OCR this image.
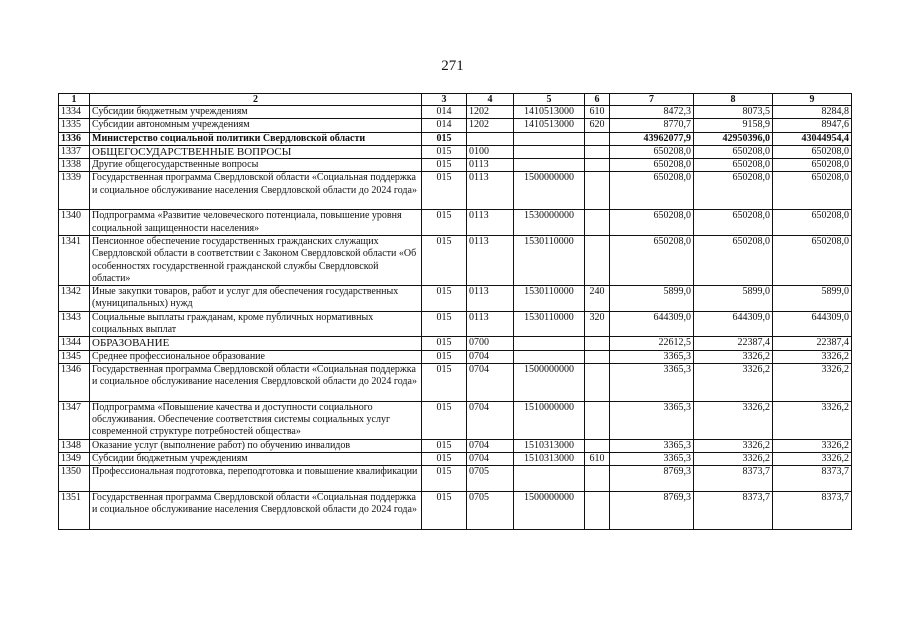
271
1	2	3	4	5	6	7	8	9
1334	Субсидии бюджетным учреждениям	014	1202	1410513000	610	8472,3	8073,5	8284,8
1335	Субсидии автономным учреждениям	014	1202	1410513000	620	8770,7	9158,9	8947,6
1336	Министерство социальной политики Свердловской области	015				43962077,9	42950396,0	43044954,4
1337	ОБЩЕГОСУДАРСТВЕННЫЕ ВОПРОСЫ	015	0100			650208,0	650208,0	650208,0
1338	Другие общегосударственные вопросы	015	0113			650208,0	650208,0	650208,0
1339	Государственная программа Свердловской области «Социальная поддержка и социальное обслуживание населения Свердловской области до 2024 года»	015	0113	1500000000		650208,0	650208,0	650208,0
1340	Подпрограмма «Развитие человеческого потенциала, повышение уровня социальной защищенности населения»	015	0113	1530000000		650208,0	650208,0	650208,0
1341	Пенсионное обеспечение государственных гражданских служащих Свердловской области в соответствии с Законом Свердловской области «Об особенностях государственной гражданской службы Свердловской области»	015	0113	1530110000		650208,0	650208,0	650208,0
1342	Иные закупки товаров, работ и услуг для обеспечения государственных (муниципальных) нужд	015	0113	1530110000	240	5899,0	5899,0	5899,0
1343	Социальные выплаты гражданам, кроме публичных нормативных социальных выплат	015	0113	1530110000	320	644309,0	644309,0	644309,0
1344	ОБРАЗОВАНИЕ	015	0700			22612,5	22387,4	22387,4
1345	Среднее профессиональное образование	015	0704			3365,3	3326,2	3326,2
1346	Государственная программа Свердловской области «Социальная поддержка и социальное обслуживание населения Свердловской области до 2024 года»	015	0704	1500000000		3365,3	3326,2	3326,2
1347	Подпрограмма «Повышение качества и доступности социального обслуживания. Обеспечение соответствия системы социальных услуг современной структуре потребностей общества»	015	0704	1510000000		3365,3	3326,2	3326,2
1348	Оказание услуг (выполнение работ) по обучению инвалидов	015	0704	1510313000		3365,3	3326,2	3326,2
1349	Субсидии бюджетным учреждениям	015	0704	1510313000	610	3365,3	3326,2	3326,2
1350	Профессиональная подготовка, переподготовка и повышение квалификации	015	0705			8769,3	8373,7	8373,7
1351	Государственная программа Свердловской области «Социальная поддержка и социальное обслуживание населения Свердловской области до 2024 года»	015	0705	1500000000		8769,3	8373,7	8373,7
